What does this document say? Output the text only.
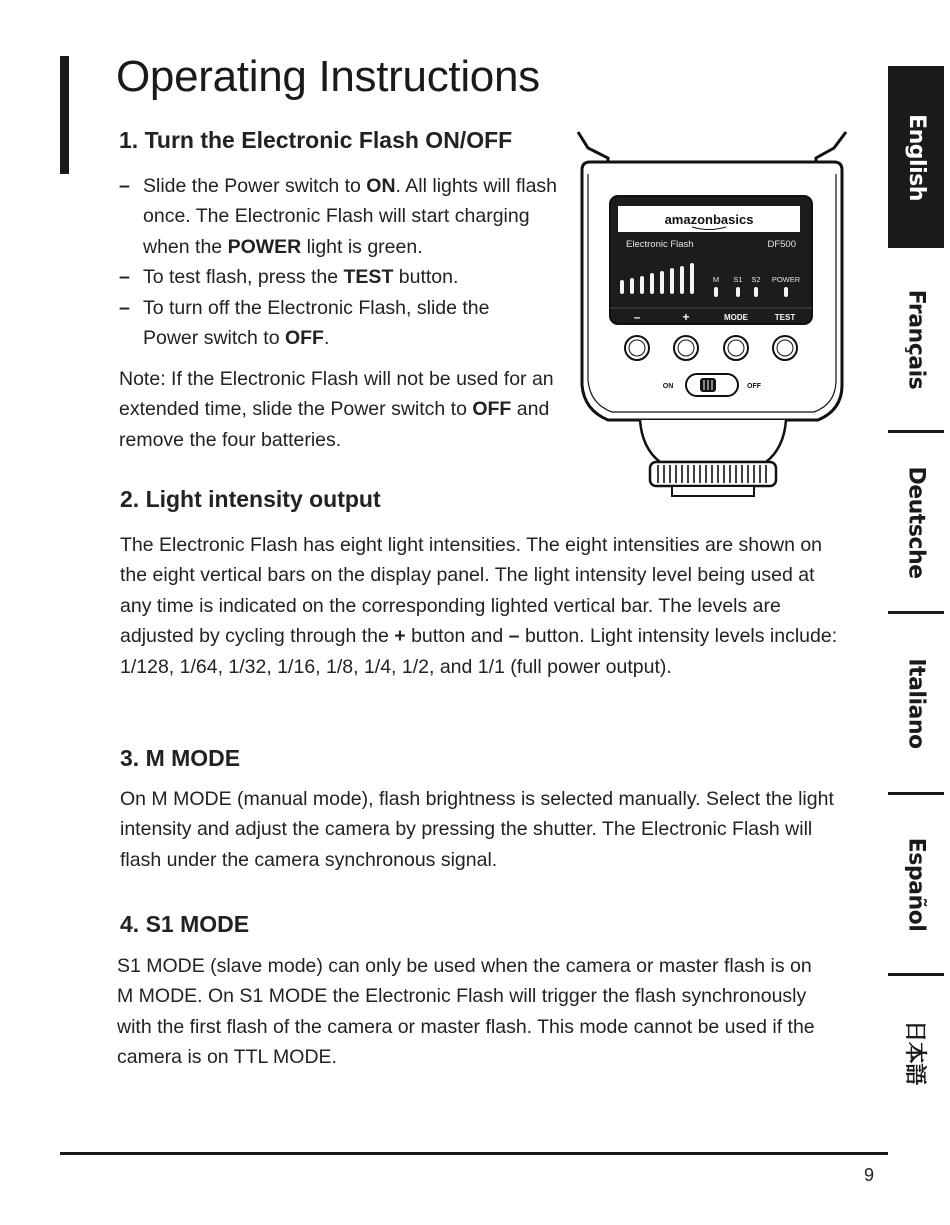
Operating Instructions
1. Turn the Electronic Flash ON/OFF
– Slide the Power switch to ON. All lights will flash once. The Electronic Flash will start charging when the POWER light is green.
– To test flash, press the TEST button.
– To turn off the Electronic Flash, slide the Power switch to OFF.

Note: If the Electronic Flash will not be used for an extended time, slide the Power switch to OFF and remove the four batteries.

amazonbasics
Electronic Flash	DF500
M S1 S2 POWER
–	+	MODE	TEST
ON	OFF
2. Light intensity output

The Electronic Flash has eight light intensities. The eight intensities are shown on the eight vertical bars on the display panel. The light intensity level being used at any time is indicated on the corresponding lighted vertical bar. The levels are adjusted by cycling through the + button and – button. Light intensity levels include: 1/128, 1/64, 1/32, 1/16, 1/8, 1/4, 1/2, and 1/1 (full power output).

3. M MODE

On M MODE (manual mode), flash brightness is selected manually. Select the light intensity and adjust the camera by pressing the shutter. The Electronic Flash will flash under the camera synchronous signal.

4. S1 MODE

S1 MODE (slave mode) can only be used when the camera or master flash is on M MODE. On S1 MODE the Electronic Flash will trigger the flash synchronously with the first flash of the camera or master flash. This mode cannot be used if the camera is on TTL MODE.

English
Français
Deutsche
Italiano
Español
日本語
9
